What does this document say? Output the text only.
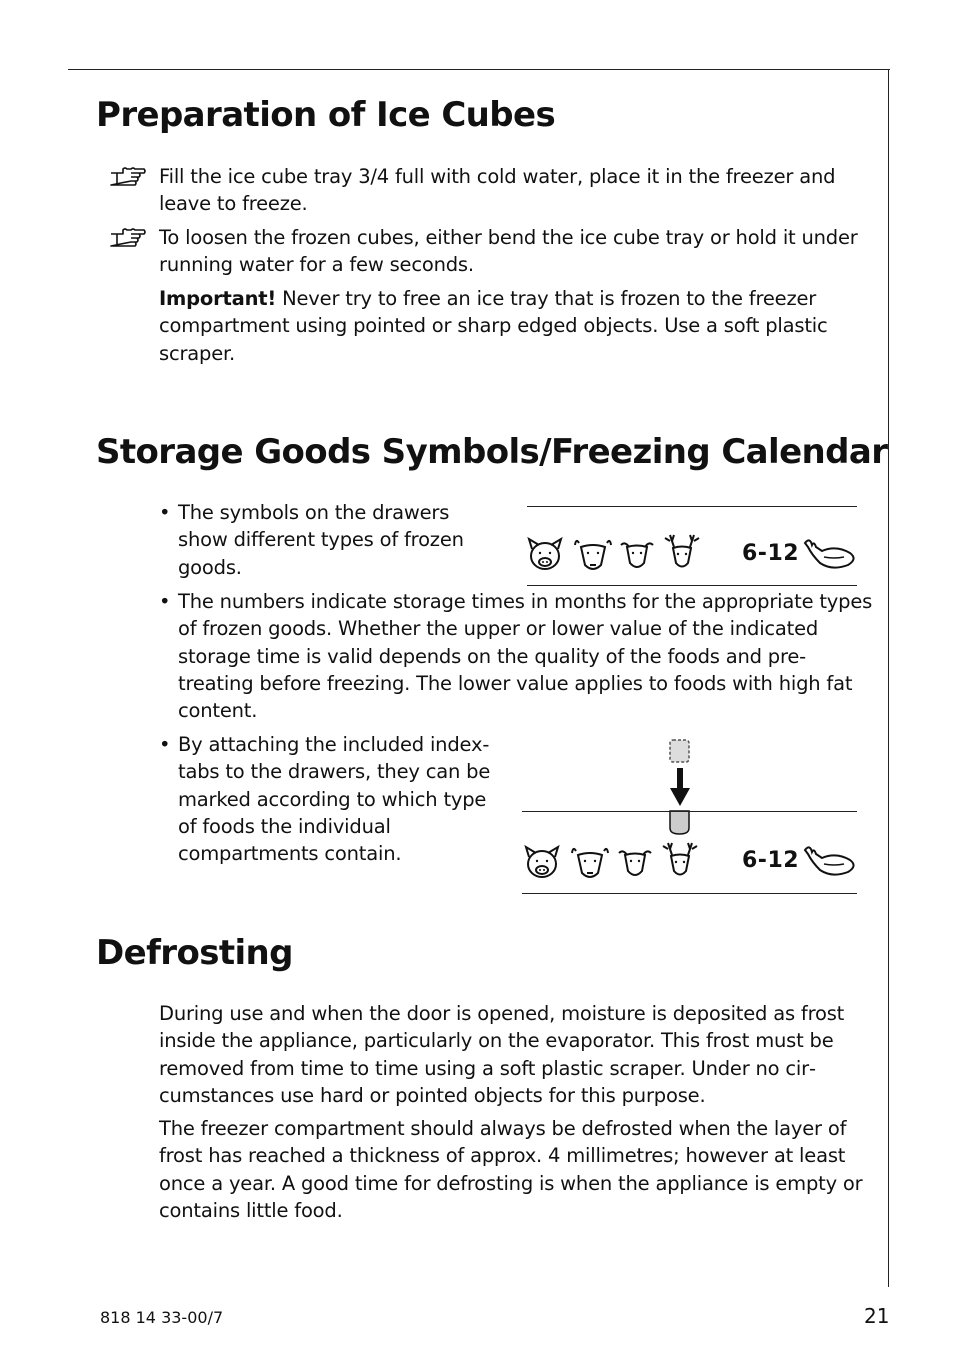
Preparation of Ice Cubes

Fill the ice cube tray 3/4 full with cold water, place it in the freezer and leave to freeze.

To loosen the frozen cubes, either bend the ice cube tray or hold it under running water for a few seconds.

Important! Never try to free an ice tray that is frozen to the freezer compartment using pointed or sharp edged objects. Use a soft plastic scraper.

Storage Goods Symbols/Freezing Calendar
• The symbols on the drawers show different types of frozen goods.

• The numbers indicate storage times in months for the appropriate types of frozen goods. Whether the upper or lower value of the indicated storage time is valid depends on the quality of the foods and pre-treating before freezing. The lower value applies to foods with high fat content.

• By attaching the included index-tabs to the drawers, they can be marked according to which type of foods the individual compartments contain.

6-12
6-12
Defrosting

During use and when the door is opened, moisture is deposited as frost inside the appliance, particularly on the evaporator. This frost must be removed from time to time using a soft plastic scraper. Under no circumstances use hard or pointed objects for this purpose.

The freezer compartment should always be defrosted when the layer of frost has reached a thickness of approx. 4 millimetres; however at least once a year. A good time for defrosting is when the appliance is empty or contains little food.

818 14 33-00/7	21
